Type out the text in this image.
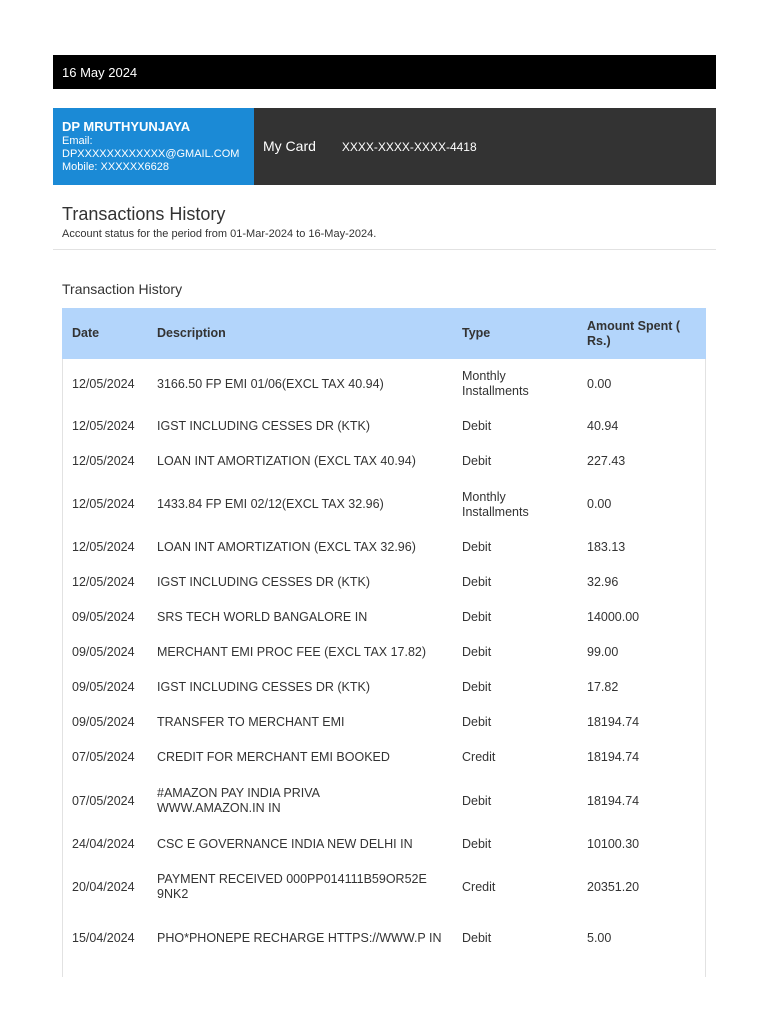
16 May 2024
DP MRUTHYUNJAYA
Email:
DPXXXXXXXXXXXX@GMAIL.COM
Mobile: XXXXXX6628
My Card XXXX-XXXX-XXXX-4418
Transactions History
Account status for the period from 01-Mar-2024 to 16-May-2024.
Transaction History
Date	Description	Type	Amount Spent ( Rs.)
12/05/2024	3166.50 FP EMI 01/06(EXCL TAX 40.94)	Monthly Installments	0.00
12/05/2024	IGST INCLUDING CESSES DR (KTK)	Debit	40.94
12/05/2024	LOAN INT AMORTIZATION (EXCL TAX 40.94)	Debit	227.43
12/05/2024	1433.84 FP EMI 02/12(EXCL TAX 32.96)	Monthly Installments	0.00
12/05/2024	LOAN INT AMORTIZATION (EXCL TAX 32.96)	Debit	183.13
12/05/2024	IGST INCLUDING CESSES DR (KTK)	Debit	32.96
09/05/2024	SRS TECH WORLD BANGALORE IN	Debit	14000.00
09/05/2024	MERCHANT EMI PROC FEE (EXCL TAX 17.82)	Debit	99.00
09/05/2024	IGST INCLUDING CESSES DR (KTK)	Debit	17.82
09/05/2024	TRANSFER TO MERCHANT EMI	Debit	18194.74
07/05/2024	CREDIT FOR MERCHANT EMI BOOKED	Credit	18194.74
07/05/2024	#AMAZON PAY INDIA PRIVA WWW.AMAZON.IN IN	Debit	18194.74
24/04/2024	CSC E GOVERNANCE INDIA NEW DELHI IN	Debit	10100.30
20/04/2024	PAYMENT RECEIVED 000PP014111B59OR52E9NK2	Credit	20351.20
15/04/2024	PHO*PHONEPE RECHARGE HTTPS://WWW.P IN	Debit	5.00
